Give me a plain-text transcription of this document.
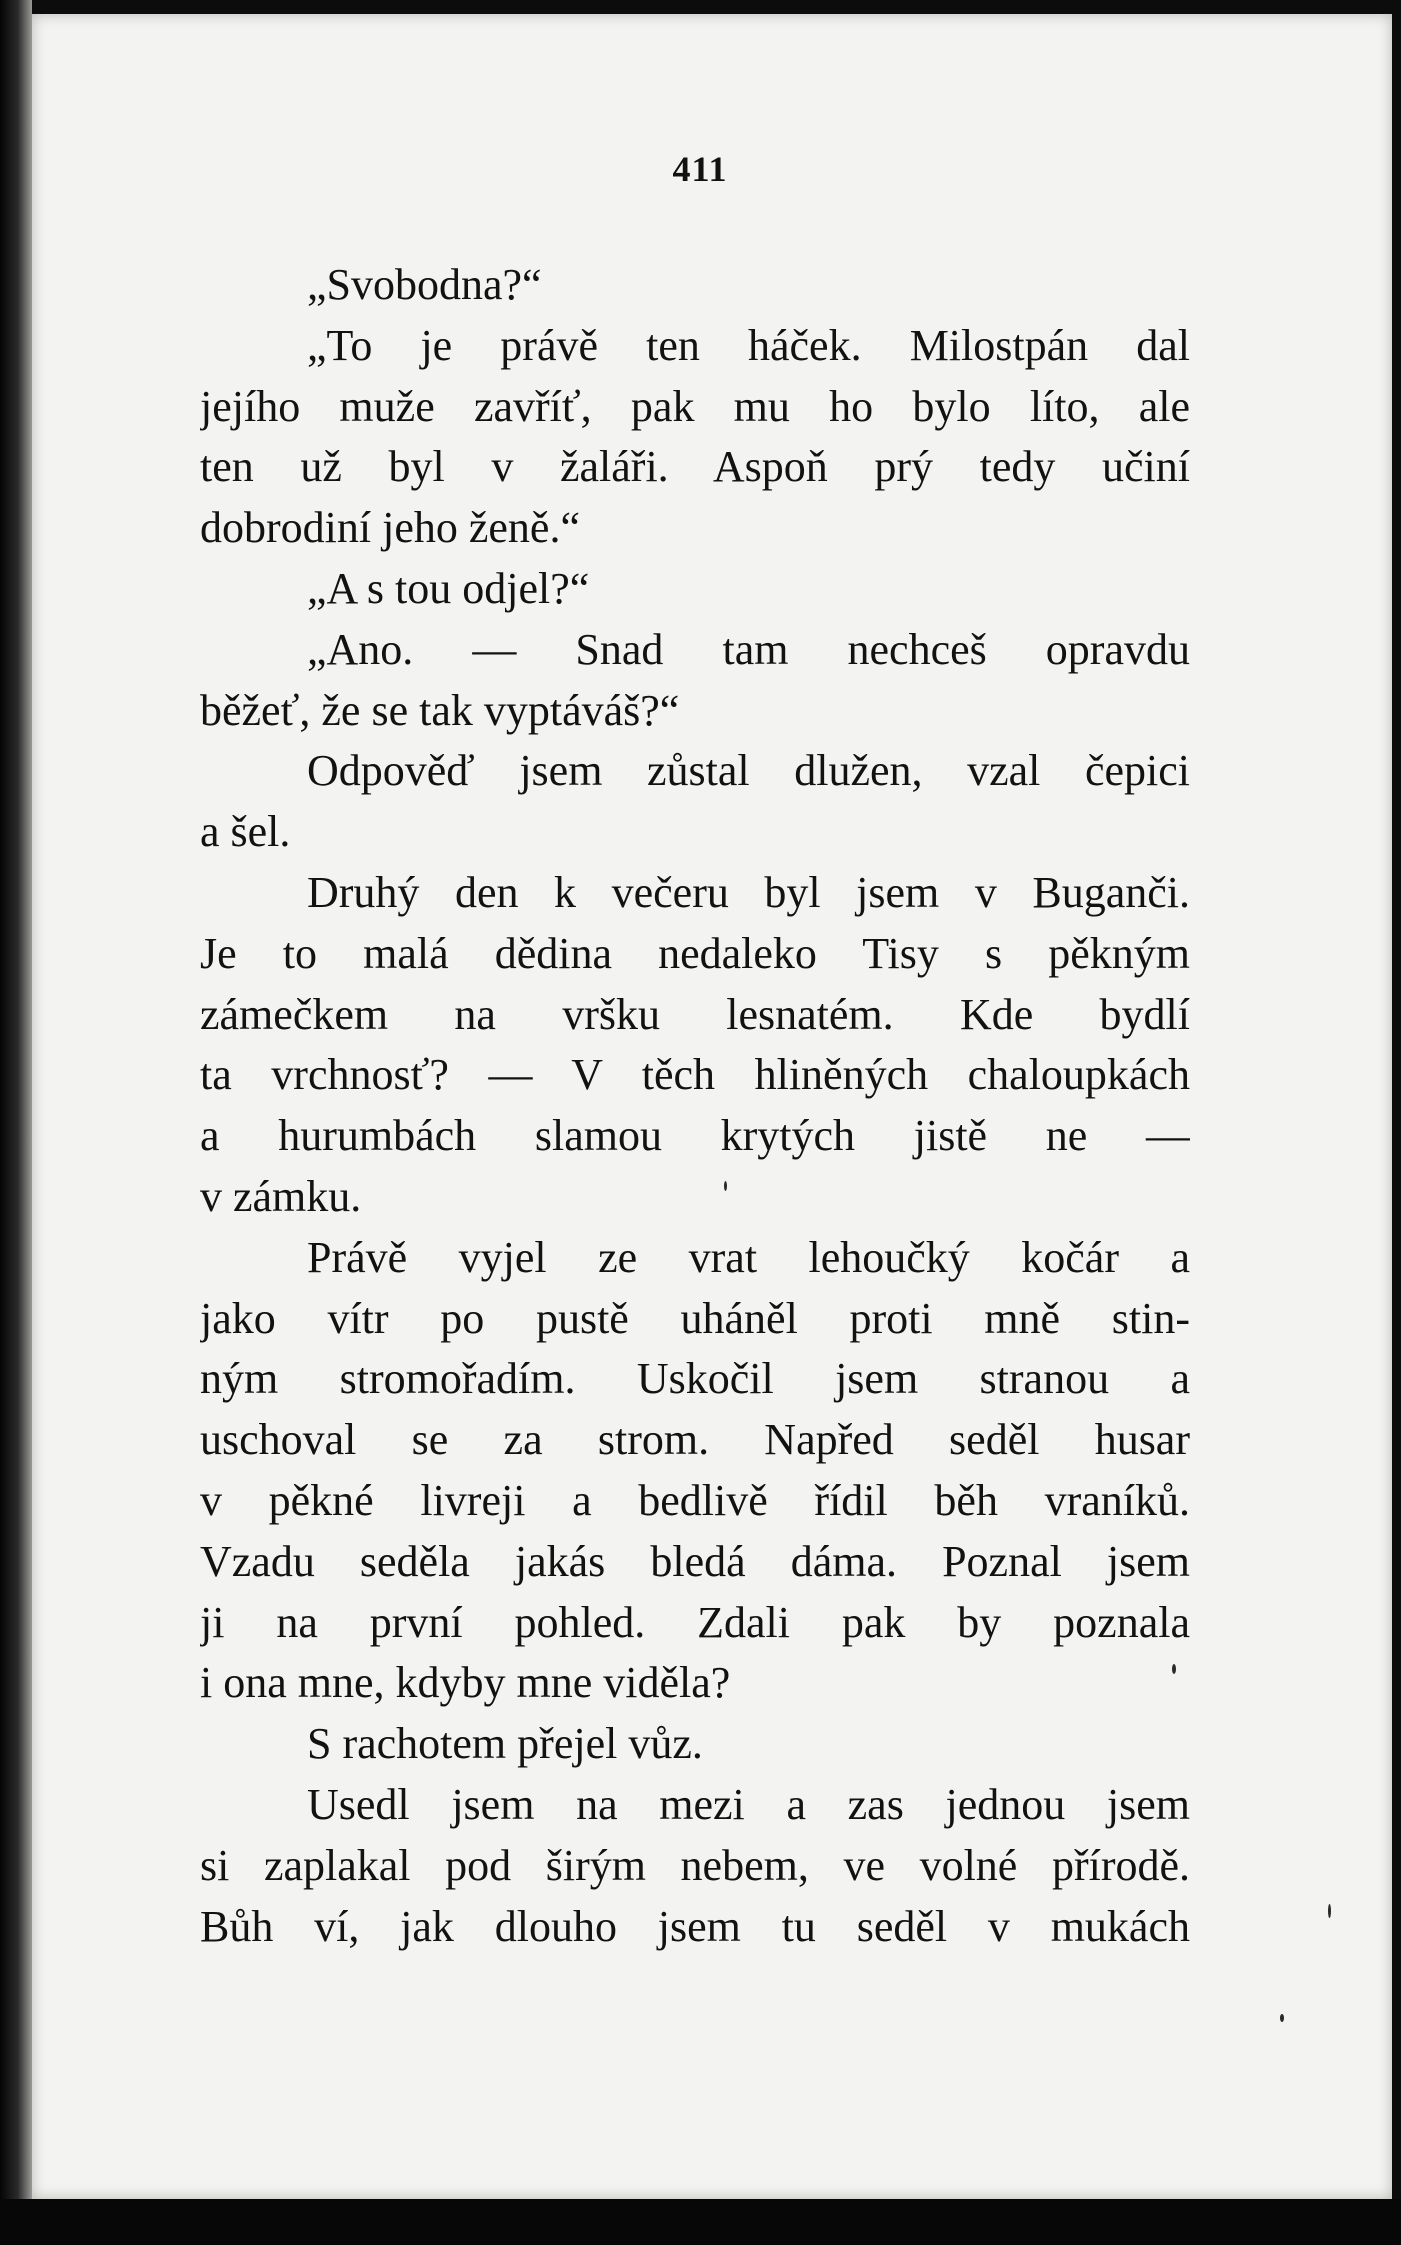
411
„Svobodna?“
„To je právě ten háček. Milostpán dal
jejího muže zavříť, pak mu ho bylo líto, ale
ten už byl v žaláři. Aspoň prý tedy učiní
dobrodiní jeho ženě.“
„A s tou odjel?“
„Ano. — Snad tam nechceš opravdu
běžeť, že se tak vyptáváš?“
Odpověď jsem zůstal dlužen, vzal čepici
a šel.
Druhý den k večeru byl jsem v Buganči.
Je to malá dědina nedaleko Tisy s pěkným
zámečkem na vršku lesnatém. Kde bydlí
ta vrchnosť? — V těch hliněných chaloupkách
a hurumbách slamou krytých jistě ne —
v zámku.
Právě vyjel ze vrat lehoučký kočár a
jako vítr po pustě uháněl proti mně stin-
ným stromořadím. Uskočil jsem stranou a
uschoval se za strom. Napřed seděl husar
v pěkné livreji a bedlivě řídil běh vraníků.
Vzadu seděla jakás bledá dáma. Poznal jsem
ji na první pohled. Zdali pak by poznala
i ona mne, kdyby mne viděla?
S rachotem přejel vůz.
Usedl jsem na mezi a zas jednou jsem
si zaplakal pod širým nebem, ve volné přírodě.
Bůh ví, jak dlouho jsem tu seděl v mukách
